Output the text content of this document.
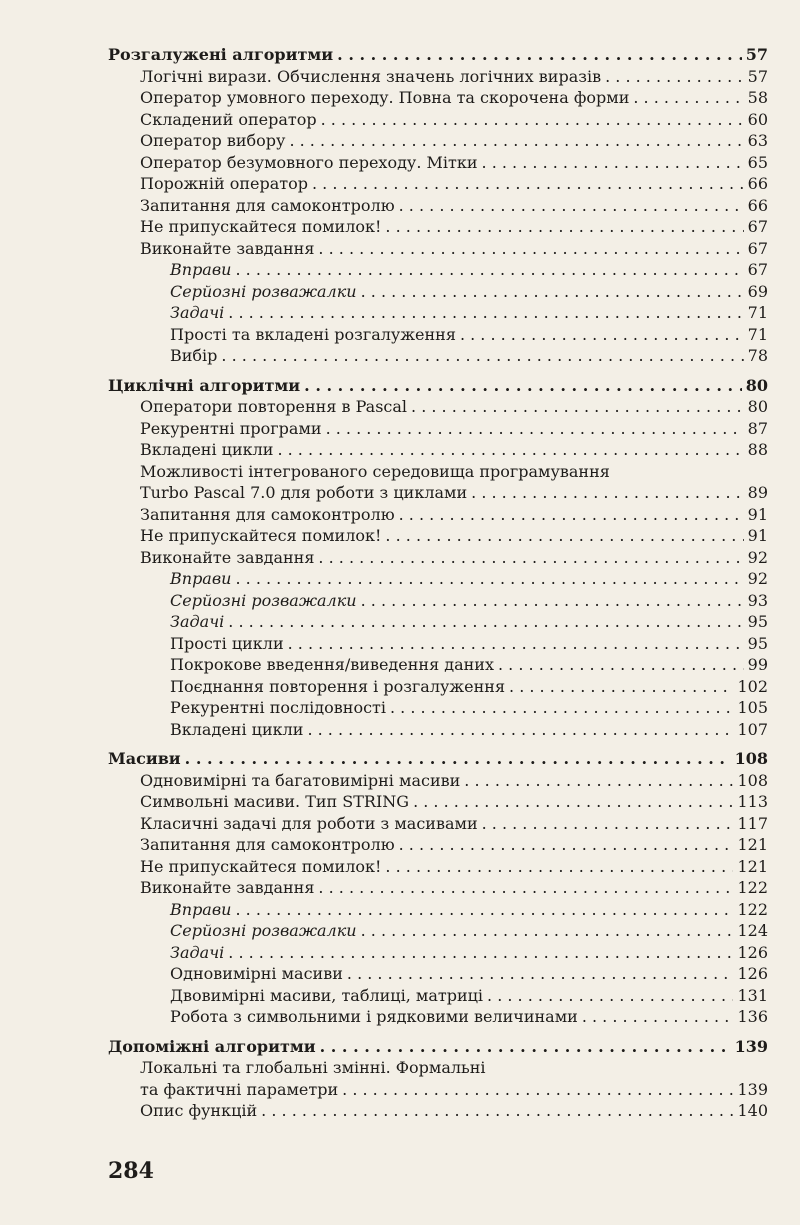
Розгалужені алгоритми . . .	57
Логічні вирази. Обчислення значень логічних виразів . . .	57
Оператор умовного переходу. Повна та скорочена форми . . .	58
Складений оператор . . .	60
Оператор вибору . . .	63
Оператор безумовного переходу. Мітки . . .	65
Порожній оператор . . .	66
Запитання для самоконтролю . . .	66
Не припускайтеся помилок! . . .	67
Виконайте завдання . . .	67
Вправи . . .	67
Серйозні розважалки . . .	69
Задачі . . .	71
Прості та вкладені розгалуження . . .	71
Вибір . . .	78
Циклічні алгоритми . . .	80
Оператори повторення в Pascal . . .	80
Рекурентні програми . . .	87
Вкладені цикли . . .	88
Можливості інтегрованого середовища програмування
Turbo Pascal 7.0 для роботи з циклами . . .	89
Запитання для самоконтролю . . .	91
Не припускайтеся помилок! . . .	91
Виконайте завдання . . .	92
Вправи . . .	92
Серйозні розважалки . . .	93
Задачі . . .	95
Прості цикли . . .	95
Покрокове введення/виведення даних . . .	99
Поєднання повторення і розгалуження . . .	102
Рекурентні послідовності . . .	105
Вкладені цикли . . .	107
Масиви . . .	108
Одновимірні та багатовимірні масиви . . .	108
Символьні масиви. Тип STRING . . .	113
Класичні задачі для роботи з масивами . . .	117
Запитання для самоконтролю . . .	121
Не припускайтеся помилок! . . .	121
Виконайте завдання . . .	122
Вправи . . .	122
Серйозні розважалки . . .	124
Задачі . . .	126
Одновимірні масиви . . .	126
Двовимірні масиви, таблиці, матриці . . .	131
Робота з символьними і рядковими величинами . . .	136
Допоміжні алгоритми . . .	139
Локальні та глобальні змінні. Формальні
та фактичні параметри . . .	139
Опис функцій . . .	140
284
